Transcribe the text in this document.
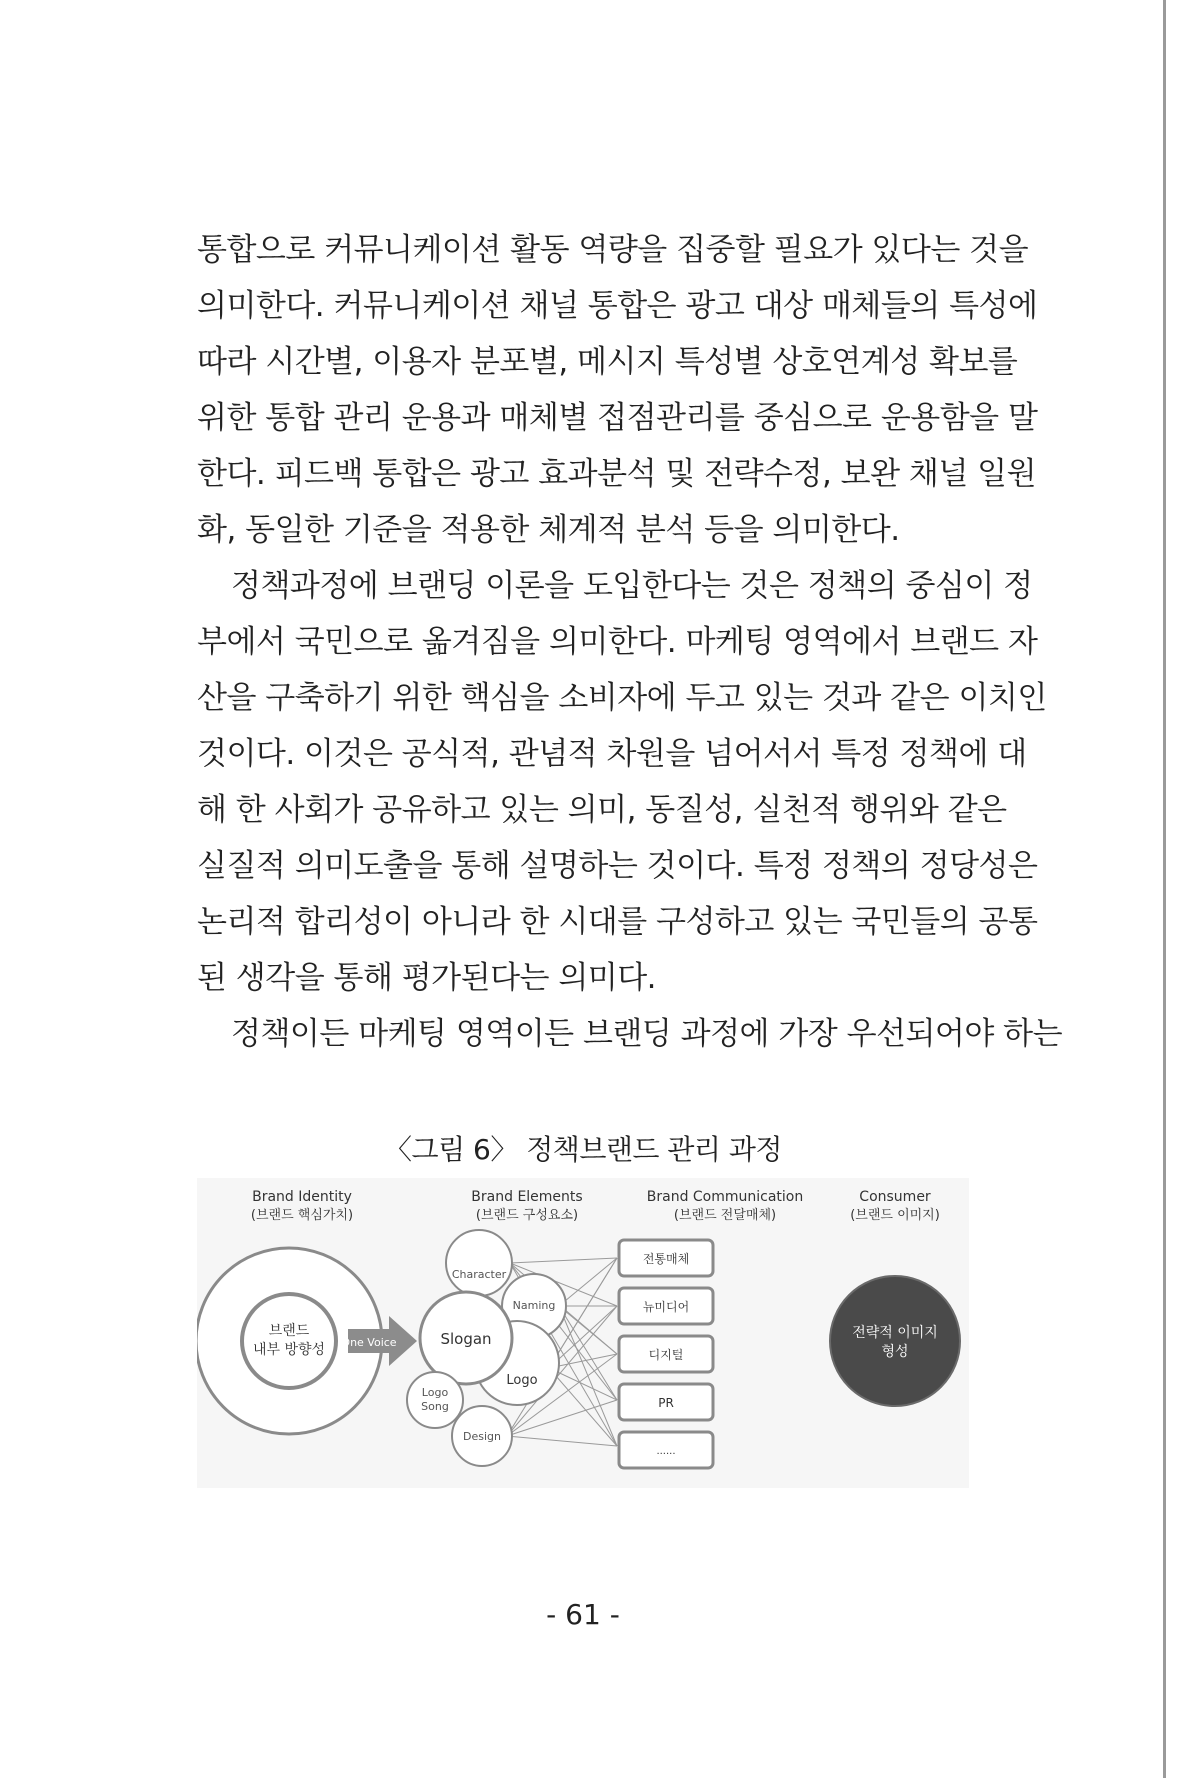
통합으로 커뮤니케이션 활동 역량을 집중할 필요가 있다는 것을
의미한다. 커뮤니케이션 채널 통합은 광고 대상 매체들의 특성에
따라 시간별, 이용자 분포별, 메시지 특성별 상호연계성 확보를
위한 통합 관리 운용과 매체별 접점관리를 중심으로 운용함을 말
한다. 피드백 통합은 광고 효과분석 및 전략수정, 보완 채널 일원
화, 동일한 기준을 적용한 체계적 분석 등을 의미한다.
정책과정에 브랜딩 이론을 도입한다는 것은 정책의 중심이 정
부에서 국민으로 옮겨짐을 의미한다. 마케팅 영역에서 브랜드 자
산을 구축하기 위한 핵심을 소비자에 두고 있는 것과 같은 이치인
것이다. 이것은 공식적, 관념적 차원을 넘어서서 특정 정책에 대
해 한 사회가 공유하고 있는 의미, 동질성, 실천적 행위와 같은
실질적 의미도출을 통해 설명하는 것이다. 특정 정책의 정당성은
논리적 합리성이 아니라 한 시대를 구성하고 있는 국민들의 공통
된 생각을 통해 평가된다는 의미다.
정책이든 마케팅 영역이든 브랜딩 과정에 가장 우선되어야 하는
〈그림 6〉 정책브랜드 관리 과정
Brand Identity
(브랜드 핵심가치)
Brand Elements
(브랜드 구성요소)
Brand Communication
(브랜드 전달매체)
Consumer
(브랜드 이미지)
브랜드
내부 방향성 One Voice
Character
Naming
Logo
Slogan
Logo
Song
Design
전통매체
뉴미디어
디지털
PR
......
전략적 이미지
형성
- 61 -
